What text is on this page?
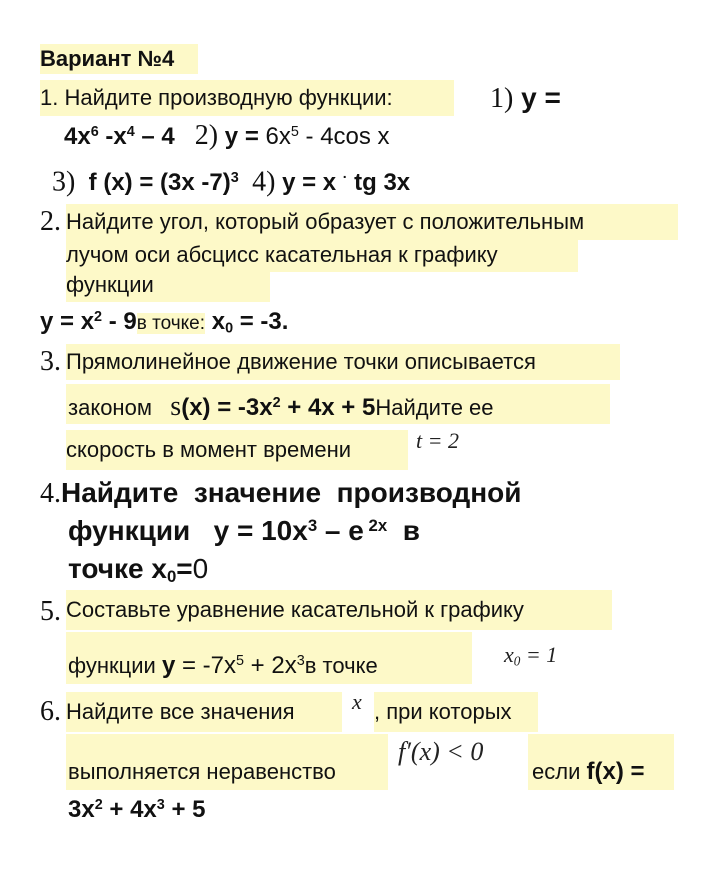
Вариант №4
1. Найдите производную функции:	1) y =
$4x^6$ $-x^4 - 4$ 2) $y = 6x^5 - 4\cos$ x
3) f (x) = (3x -7)$^3$ 4) y = x · tg 3x
2. Найдите угол, который образует с положительным
лучом оси абсцисс касательная к графику
функции
$y = x^2 - 9в$ точке: $x_0 = -3$.
3. Прямолинейное движение точки описывается
законом $s(x) = -3x^2 + 4x$ + 5Найдите ее
скорость в момент времени	t = 2
4.Найдите  значение  производной
функции   $y = 10x^3 - e$ $^{2x}$  в
точке $x_0=0$
5. Составьте уравнение касательной к графику
функции $y = -7x^5 + 2x^3в$ точке	$x_0 = 1$
6. Найдите все значения	x , при которых
выполняется неравенство
f′(x) < 0
если f(x) =
$3x^2 + 4x^3 + 5$
